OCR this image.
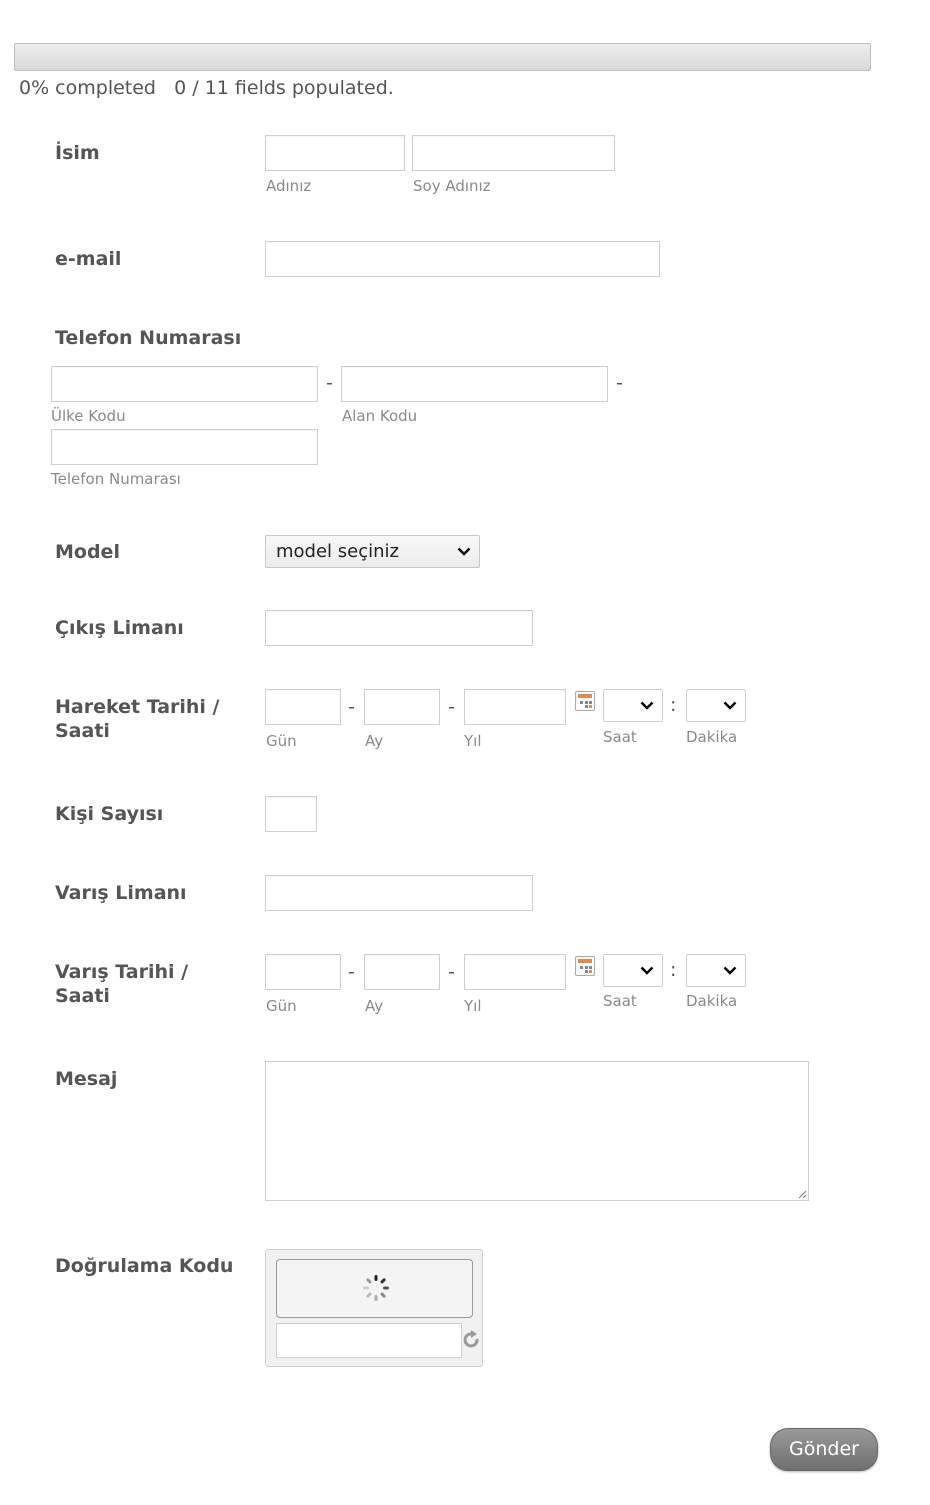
0% completed 0 / 11 fields populated.
İsim
Adınız	Soy Adınız
e-mail
Telefon Numarası
-	-
Ülke Kodu	Alan Kodu
Telefon Numarası
Model	model seçiniz
Çıkış Limanı
Hareket Tarihi /
Saati
-	-	:
Gün	Ay	Yıl	Saat	Dakika
Kişi Sayısı
Varış Limanı
Varış Tarihi /
Saati
-	-	:
Gün	Ay	Yıl	Saat	Dakika
Mesaj
Doğrulama Kodu
Gönder
